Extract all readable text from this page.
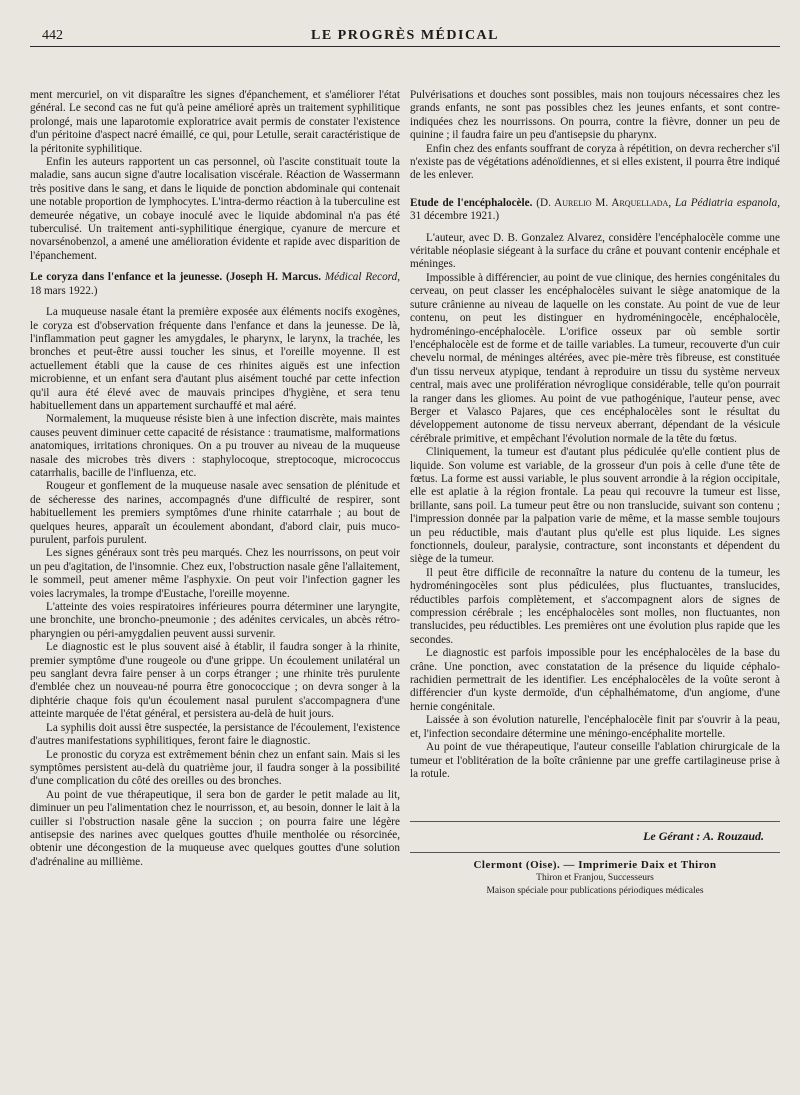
442	LE PROGRÈS MÉDICAL

ment mercuriel, on vit disparaître les signes d'épanchement, et s'améliorer l'état général. Le second cas ne fut qu'à peine amélioré après un traitement syphilitique prolongé, mais une laparotomie exploratrice avait permis de constater l'existence d'un péritoine d'aspect nacré émaillé, ce qui, pour Letulle, serait caractéristique de la péritonite syphilitique.

Enfin les auteurs rapportent un cas personnel, où l'ascite constituait toute la maladie, sans aucun signe d'autre localisation viscérale. Réaction de Wassermann très positive dans le sang, et dans le liquide de ponction abdominale qui contenait une notable proportion de lymphocytes. L'intra-dermo réaction à la tuberculine est demeurée négative, un cobaye inoculé avec le liquide abdominal n'a pas été tuberculisé. Un traitement anti-syphilitique énergique, cyanure de mercure et novarsénobenzol, a amené une amélioration évidente et rapide avec disparition de l'épanchement.

Le coryza dans l'enfance et la jeunesse. (Joseph H. Marcus. Médical Record, 18 mars 1922.)

La muqueuse nasale étant la première exposée aux éléments nocifs exogènes, le coryza est d'observation fréquente dans l'enfance et dans la jeunesse. De là, l'inflammation peut gagner les amygdales, le pharynx, le larynx, la trachée, les bronches et peut-être aussi toucher les sinus, et l'oreille moyenne. Il est actuellement établi que la cause de ces rhinites aiguës est une infection microbienne, et un enfant sera d'autant plus aisément touché par cette infection qu'il aura été élevé avec de mauvais principes d'hygiène, et sera tenu habituellement dans un appartement surchauffé et mal aéré.

Normalement, la muqueuse résiste bien à une infection discrète, mais maintes causes peuvent diminuer cette capacité de résistance : traumatisme, malformations anatomiques, irritations chroniques. On a pu trouver au niveau de la muqueuse nasale des microbes très divers : staphylocoque, streptocoque, micrococcus catarrhalis, bacille de l'influenza, etc.

Rougeur et gonflement de la muqueuse nasale avec sensation de plénitude et de sécheresse des narines, accompagnés d'une difficulté de respirer, sont habituellement les premiers symptômes d'une rhinite catarrhale ; au bout de quelques heures, apparaît un écoulement abondant, d'abord clair, puis muco-purulent, parfois purulent.

Les signes généraux sont très peu marqués. Chez les nourrissons, on peut voir un peu d'agitation, de l'insomnie. Chez eux, l'obstruction nasale gêne l'allaitement, le sommeil, peut amener même l'asphyxie. On peut voir l'infection gagner les voies lacrymales, la trompe d'Eustache, l'oreille moyenne.

L'atteinte des voies respiratoires inférieures pourra déterminer une laryngite, une bronchite, une broncho-pneumonie ; des adénites cervicales, un abcès rétro-pharyngien ou péri-amygdalien peuvent aussi survenir.

Le diagnostic est le plus souvent aisé à établir, il faudra songer à la rhinite, premier symptôme d'une rougeole ou d'une grippe. Un écoulement unilatéral un peu sanglant devra faire penser à un corps étranger ; une rhinite très purulente d'emblée chez un nouveau-né pourra être gonococcique ; on devra songer à la diphtérie chaque fois qu'un écoulement nasal purulent s'accompagnera d'une atteinte marquée de l'état général, et persistera au-delà de huit jours.

La syphilis doit aussi être suspectée, la persistance de l'écoulement, l'existence d'autres manifestations syphilitiques, feront faire le diagnostic.

Le pronostic du coryza est extrêmement bénin chez un enfant sain. Mais si les symptômes persistent au-delà du quatrième jour, il faudra songer à la possibilité d'une complication du côté des oreilles ou des bronches.

Au point de vue thérapeutique, il sera bon de garder le petit malade au lit, diminuer un peu l'alimentation chez le nourrisson, et, au besoin, donner le lait à la cuiller si l'obstruction nasale gêne la succion ; on pourra faire une légère antisepsie des narines avec quelques gouttes d'huile mentholée ou résorcinée, obtenir une décongestion de la muqueuse avec quelques gouttes d'une solution d'adrénaline au millième.

Pulvérisations et douches sont possibles, mais non toujours nécessaires chez les grands enfants, ne sont pas possibles chez les jeunes enfants, et sont contre-indiquées chez les nourrissons. On pourra, contre la fièvre, donner un peu de quinine ; il faudra faire un peu d'antisepsie du pharynx.

Enfin chez des enfants souffrant de coryza à répétition, on devra rechercher s'il n'existe pas de végétations adénoïdiennes, et si elles existent, il pourra être indiqué de les enlever.

Etude de l'encéphalocèle. (D. Aurelio M. Arquellada, La Pédiatria espanola, 31 décembre 1921.)

L'auteur, avec D. B. Gonzalez Alvarez, considère l'encéphalocèle comme une véritable néoplasie siégeant à la surface du crâne et pouvant contenir encéphale et méninges.

Impossible à différencier, au point de vue clinique, des hernies congénitales du cerveau, on peut classer les encéphalocèles suivant le siège anatomique de la suture crânienne au niveau de laquelle on les constate. Au point de vue de leur contenu, on peut les distinguer en hydroméningocèle, encéphalocèle, hydroméningo-encéphalocèle. L'orifice osseux par où semble sortir l'encéphalocèle est de forme et de taille variables. La tumeur, recouverte d'un cuir chevelu normal, de méninges altérées, avec pie-mère très fibreuse, est constituée d'un tissu nerveux atypique, tendant à reproduire un tissu du système nerveux central, mais avec une prolifération névroglique considérable, telle qu'on pourrait la ranger dans les gliomes. Au point de vue pathogénique, l'auteur pense, avec Berger et Valasco Pajares, que ces encéphalocèles sont le résultat du développement autonome de tissu nerveux aberrant, dépendant de la vésicule cérébrale primitive, et empêchant l'évolution normale de la tête du fœtus.

Cliniquement, la tumeur est d'autant plus pédiculée qu'elle contient plus de liquide. Son volume est variable, de la grosseur d'un pois à celle d'une tête de fœtus. La forme est aussi variable, le plus souvent arrondie à la région occipitale, elle est aplatie à la région frontale. La peau qui recouvre la tumeur est lisse, brillante, sans poil. La tumeur peut être ou non translucide, suivant son contenu ; l'impression donnée par la palpation varie de même, et la masse semble toujours un peu réductible, mais d'autant plus qu'elle est plus liquide. Les signes fonctionnels, douleur, paralysie, contracture, sont inconstants et dépendent du siège de la tumeur.

Il peut être difficile de reconnaître la nature du contenu de la tumeur, les hydroméningocèles sont plus pédiculées, plus fluctuantes, translucides, réductibles parfois complètement, et s'accompagnent alors de signes de compression cérébrale ; les encéphalocèles sont molles, non fluctuantes, non translucides, peu réductibles. Les premières ont une évolution plus rapide que les secondes.

Le diagnostic est parfois impossible pour les encéphalocèles de la base du crâne. Une ponction, avec constatation de la présence du liquide céphalo-rachidien permettrait de les identifier. Les encéphalocèles de la voûte seront à différencier d'un kyste dermoïde, d'un céphalhématome, d'un angiome, d'une hernie congénitale.

Laissée à son évolution naturelle, l'encéphalocèle finit par s'ouvrir à la peau, et, l'infection secondaire détermine une méningo-encéphalite mortelle.

Au point de vue thérapeutique, l'auteur conseille l'ablation chirurgicale de la tumeur et l'oblitération de la boîte crânienne par une greffe cartilagineuse prise à la rotule.

Le Gérant : A. Rouzaud.
Clermont (Oise). — Imprimerie Daix et Thiron
Thiron et Franjou, Successeurs
Maison spéciale pour publications périodiques médicales
